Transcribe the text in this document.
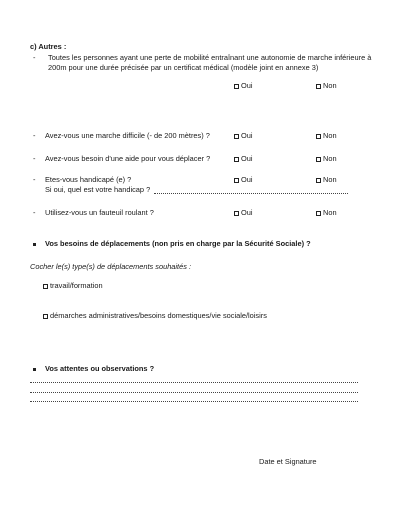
c) Autres :
- Toutes les personnes ayant une perte de mobilité entraînant une autonomie de marche inférieure à
200m pour une durée précisée par un certificat médical (modèle joint en annexe 3)
Oui	Non
- Avez-vous une marche difficile (- de 200 mètres) ?	Oui	Non
- Avez-vous besoin d'une aide pour vous déplacer ?	Oui	Non
- Etes-vous handicapé (e) ?	Oui	Non
Si oui, quel est votre handicap ?
- Utilisez-vous un fauteuil roulant ?	Oui	Non
Vos besoins de déplacements (non pris en charge par la Sécurité Sociale) ?
Cocher le(s) type(s) de déplacements souhaités :
travail/formation
démarches administratives/besoins domestiques/vie sociale/loisirs
Vos attentes ou observations ?
Date et Signature
